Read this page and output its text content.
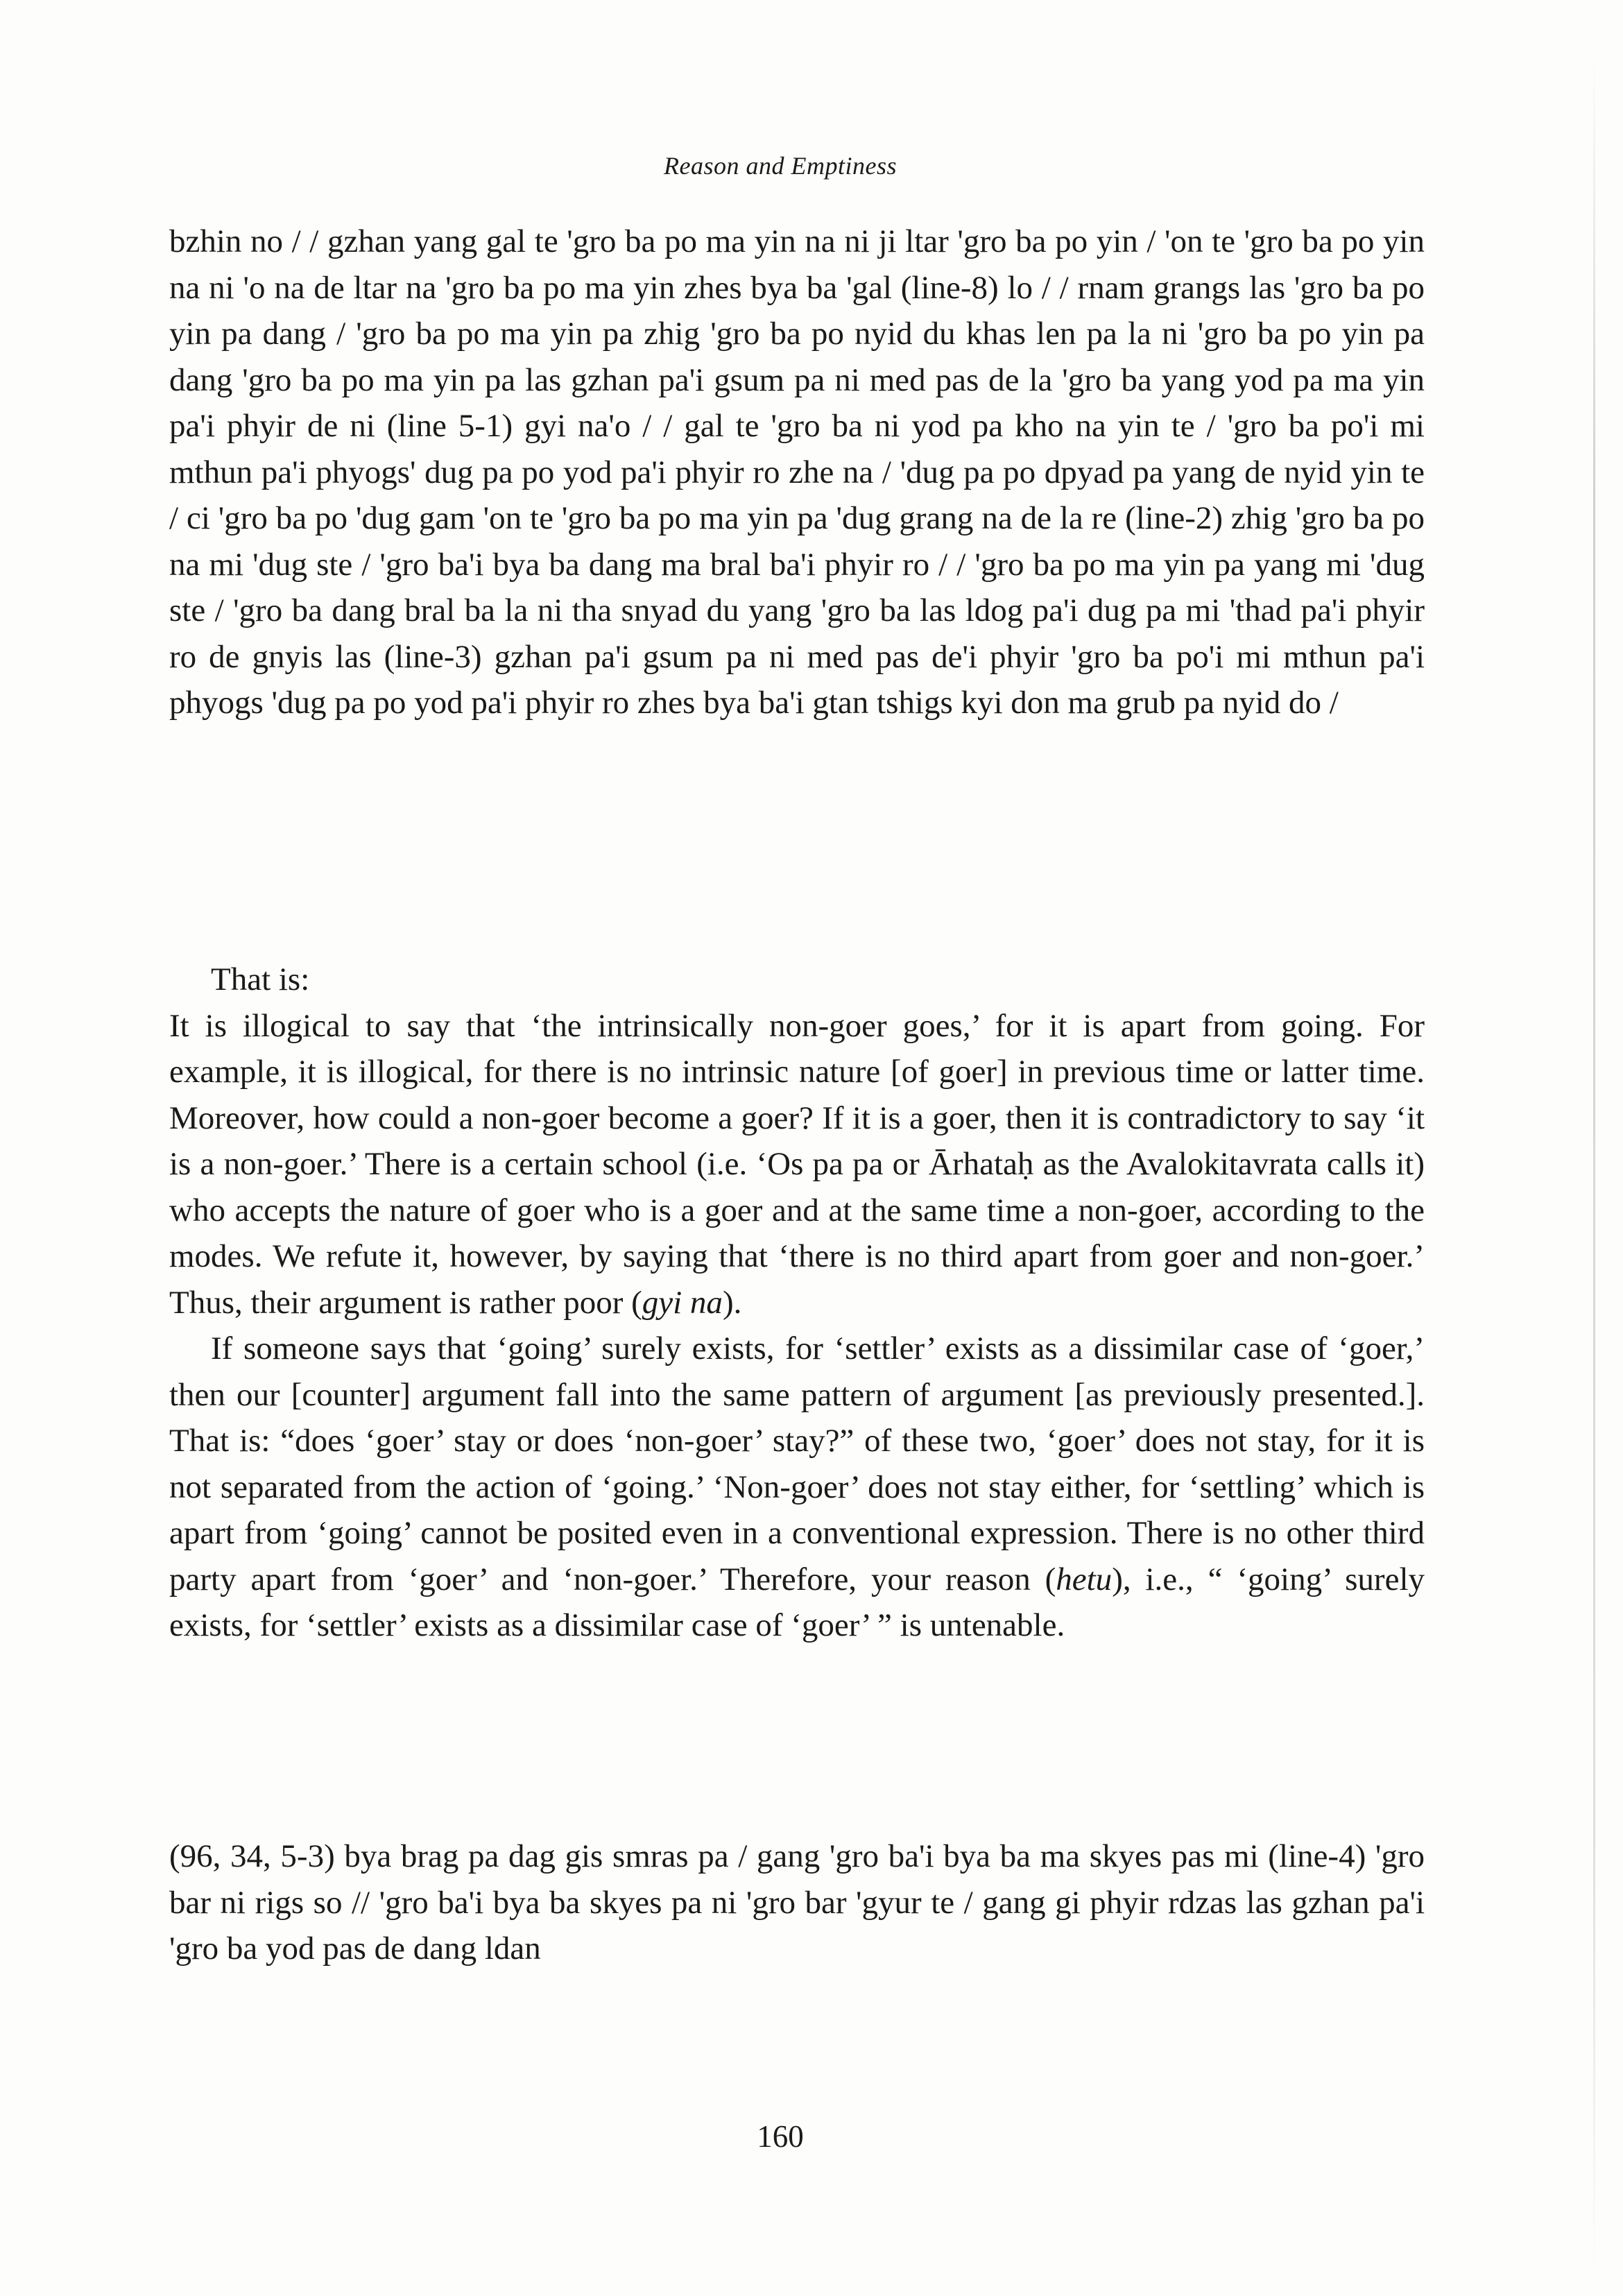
Reason and Emptiness

bzhin no / / gzhan yang gal te 'gro ba po ma yin na ni ji ltar 'gro ba po yin / 'on te 'gro ba po yin na ni 'o na de ltar na 'gro ba po ma yin zhes bya ba 'gal (line-8) lo / / rnam grangs las 'gro ba po yin pa dang / 'gro ba po ma yin pa zhig 'gro ba po nyid du khas len pa la ni 'gro ba po yin pa dang 'gro ba po ma yin pa las gzhan pa'i gsum pa ni med pas de la 'gro ba yang yod pa ma yin pa'i phyir de ni (line 5-1) gyi na'o / / gal te 'gro ba ni yod pa kho na yin te / 'gro ba po'i mi mthun pa'i phyogs' dug pa po yod pa'i phyir ro zhe na / 'dug pa po dpyad pa yang de nyid yin te / ci 'gro ba po 'dug gam 'on te 'gro ba po ma yin pa 'dug grang na de la re (line-2) zhig 'gro ba po na mi 'dug ste / 'gro ba'i bya ba dang ma bral ba'i phyir ro / / 'gro ba po ma yin pa yang mi 'dug ste / 'gro ba dang bral ba la ni tha snyad du yang 'gro ba las ldog pa'i dug pa mi 'thad pa'i phyir ro de gnyis las (line-3) gzhan pa'i gsum pa ni med pas de'i phyir 'gro ba po'i mi mthun pa'i phyogs 'dug pa po yod pa'i phyir ro zhes bya ba'i gtan tshigs kyi don ma grub pa nyid do /

That is:

It is illogical to say that ‘the intrinsically non-goer goes,’ for it is apart from going. For example, it is illogical, for there is no intrinsic nature [of goer] in previous time or latter time. Moreover, how could a non-goer become a goer? If it is a goer, then it is contradictory to say ‘it is a non-goer.’ There is a certain school (i.e. ‘Os pa pa or Ārhataḥ as the Avalokitavrata calls it) who accepts the nature of goer who is a goer and at the same time a non-goer, according to the modes. We refute it, however, by saying that ‘there is no third apart from goer and non-goer.’ Thus, their argument is rather poor (gyi na).

If someone says that ‘going’ surely exists, for ‘settler’ exists as a dissimilar case of ‘goer,’ then our [counter] argument fall into the same pattern of argument [as previously presented.]. That is: “does ‘goer’ stay or does ‘non-goer’ stay?” of these two, ‘goer’ does not stay, for it is not separated from the action of ‘going.’ ‘Non-goer’ does not stay either, for ‘settling’ which is apart from ‘going’ cannot be posited even in a conventional expression. There is no other third party apart from ‘goer’ and ‘non-goer.’ Therefore, your reason (hetu), i.e., “ ‘going’ surely exists, for ‘settler’ exists as a dissimilar case of ‘goer’ ” is untenable.

(96, 34, 5-3) bya brag pa dag gis smras pa / gang 'gro ba'i bya ba ma skyes pas mi (line-4) 'gro bar ni rigs so // 'gro ba'i bya ba skyes pa ni 'gro bar 'gyur te / gang gi phyir rdzas las gzhan pa'i 'gro ba yod pas de dang ldan

160
